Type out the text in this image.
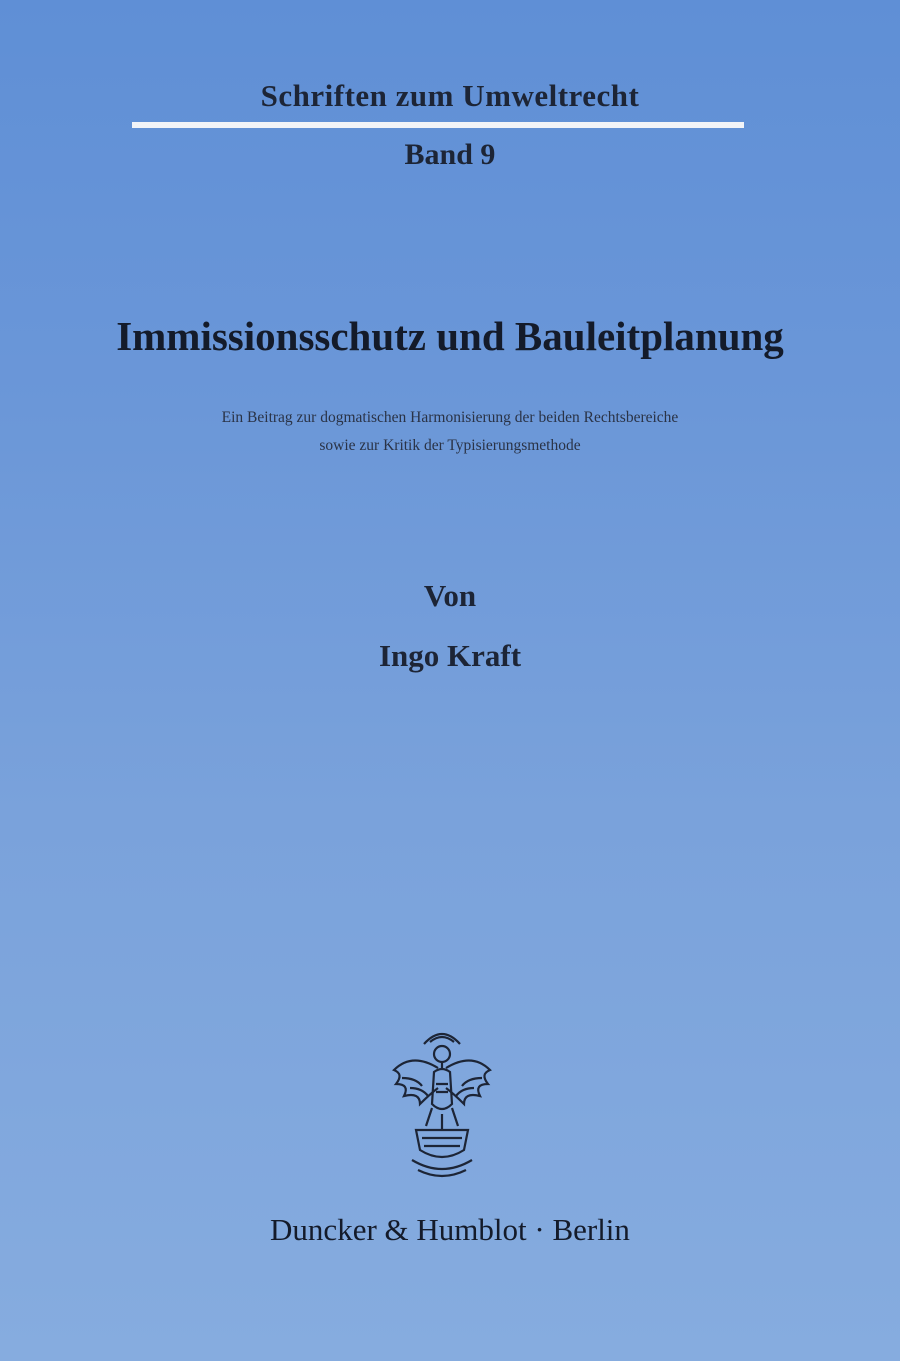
Schriften zum Umweltrecht
Band 9
Immissionsschutz und Bauleitplanung
Ein Beitrag zur dogmatischen Harmonisierung der beiden Rechtsbereiche
sowie zur Kritik der Typisierungsmethode
Von
Ingo Kraft
Duncker & Humblot · Berlin
